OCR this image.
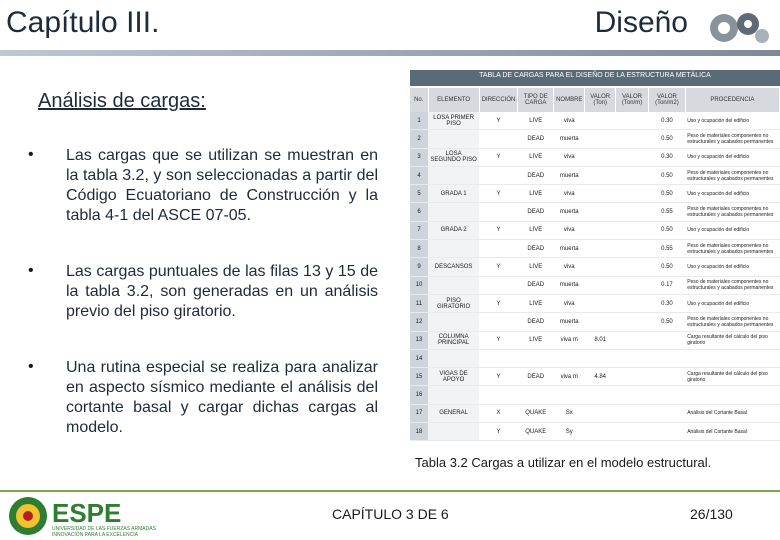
Capítulo III.	Diseño
Análisis de cargas:
• Las cargas que se utilizan se muestran en la tabla 3.2, y son seleccionadas a partir del Código Ecuatoriano de Construcción y la tabla 4-1 del ASCE 07-05.
• Las cargas puntuales de las filas 13 y 15 de la tabla 3.2, son generadas en un análisis previo del piso giratorio.
• Una rutina especial se realiza para analizar en aspecto sísmico mediante el análisis del cortante basal y cargar dichas cargas al modelo.
TABLA DE CARGAS PARA EL DISEÑO DE LA ESTRUCTURA METÁLICA
No.	ELEMENTO	DIRECCIÓN	TIPO DE CARGA	NOMBRE	VALOR (Ton)	VALOR (Ton/m)	VALOR (Ton/m2)	PROCEDENCIA
1	LOSA PRIMER PISO	Y	LIVE	viva			0.30	Uso y ocupación del edificio
2			DEAD	muerta			0.50	Peso de materiales componentes no estructurales y acabados permanentes
3	LOSA SEGUNDO PISO	Y	LIVE	viva			0.30	Uso y ocupación del edificio
4			DEAD	muerta			0.50	Peso de materiales componentes no estructurales y acabados permanentes
5	GRADA 1	Y	LIVE	viva			0.50	Uso y ocupación del edificio
6			DEAD	muerta			0.55	Peso de materiales componentes no estructurales y acabados permanentes
7	GRADA 2	Y	LIVE	viva			0.50	Uso y ocupación del edificio
8			DEAD	muerta			0.55	Peso de materiales componentes no estructurales y acabados permanentes
9	DESCANSOS	Y	LIVE	viva			0.50	Uso y ocupación del edificio
10			DEAD	muerta			0.17	Peso de materiales componentes no estructurales y acabados permanentes
11	PISO GIRATORIO	Y	LIVE	viva			0.30	Uso y ocupación del edificio
12			DEAD	muerta			0.50	Peso de materiales componentes no estructurales y acabados permanentes
13	COLUMNA PRINCIPAL	Y	LIVE	viva m	8.01			Carga resultante del cálculo del piso giratorio
14								
15	VIGAS DE APOYO	Y	DEAD	viva m	4.84			Carga resultante del cálculo del piso giratorio
16								
17	GENERAL	X	QUAKE	Sx				Análisis del Cortante Basal
18		Y	QUAKE	Sy				Análisis del Cortante Basal
Tabla 3.2 Cargas a utilizar en el modelo estructural.
ESPE
UNIVERSIDAD DE LAS FUERZAS ARMADAS
INNOVACIÓN PARA LA EXCELENCIA
CAPÍTULO 3 DE 6	26/130
